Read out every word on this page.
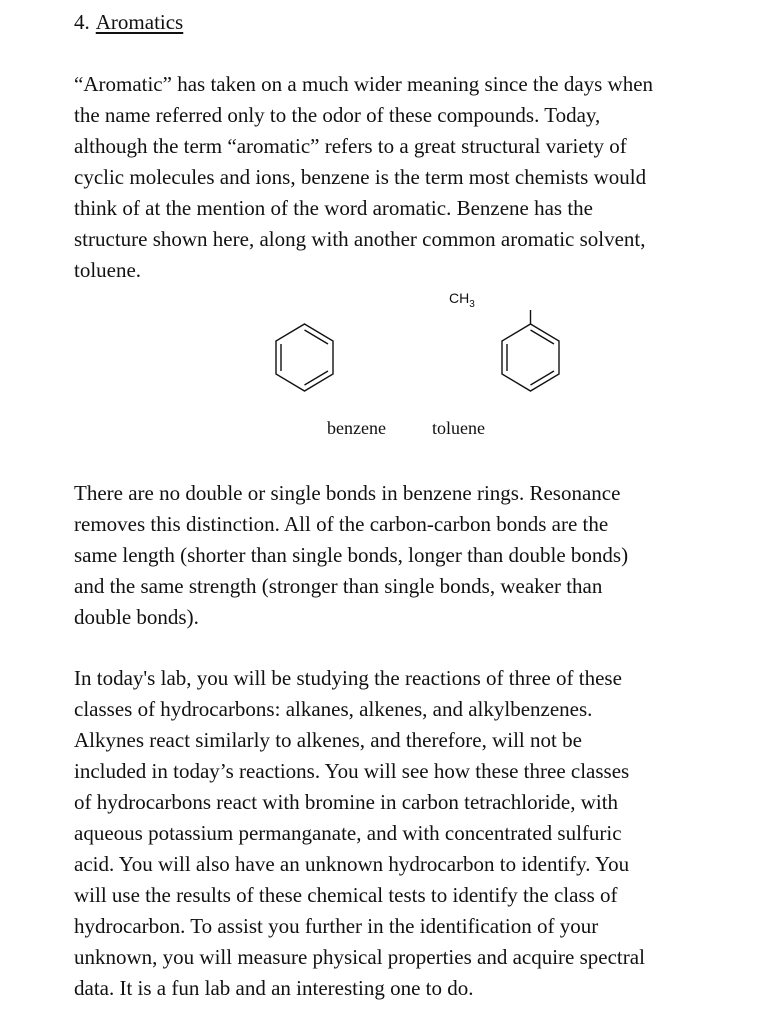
4. Aromatics

“Aromatic” has taken on a much wider meaning since the days when
the name referred only to the odor of these compounds. Today,
although the term “aromatic” refers to a great structural variety of
cyclic molecules and ions, benzene is the term most chemists would
think of at the mention of the word aromatic. Benzene has the
structure shown here, along with another common aromatic solvent,
toluene.

$CH_3$
benzene	toluene

There are no double or single bonds in benzene rings. Resonance
removes this distinction. All of the carbon-carbon bonds are the
same length (shorter than single bonds, longer than double bonds)
and the same strength (stronger than single bonds, weaker than
double bonds).

In today's lab, you will be studying the reactions of three of these
classes of hydrocarbons: alkanes, alkenes, and alkylbenzenes.
Alkynes react similarly to alkenes, and therefore, will not be
included in today’s reactions. You will see how these three classes
of hydrocarbons react with bromine in carbon tetrachloride, with
aqueous potassium permanganate, and with concentrated sulfuric
acid. You will also have an unknown hydrocarbon to identify. You
will use the results of these chemical tests to identify the class of
hydrocarbon. To assist you further in the identification of your
unknown, you will measure physical properties and acquire spectral
data. It is a fun lab and an interesting one to do.
